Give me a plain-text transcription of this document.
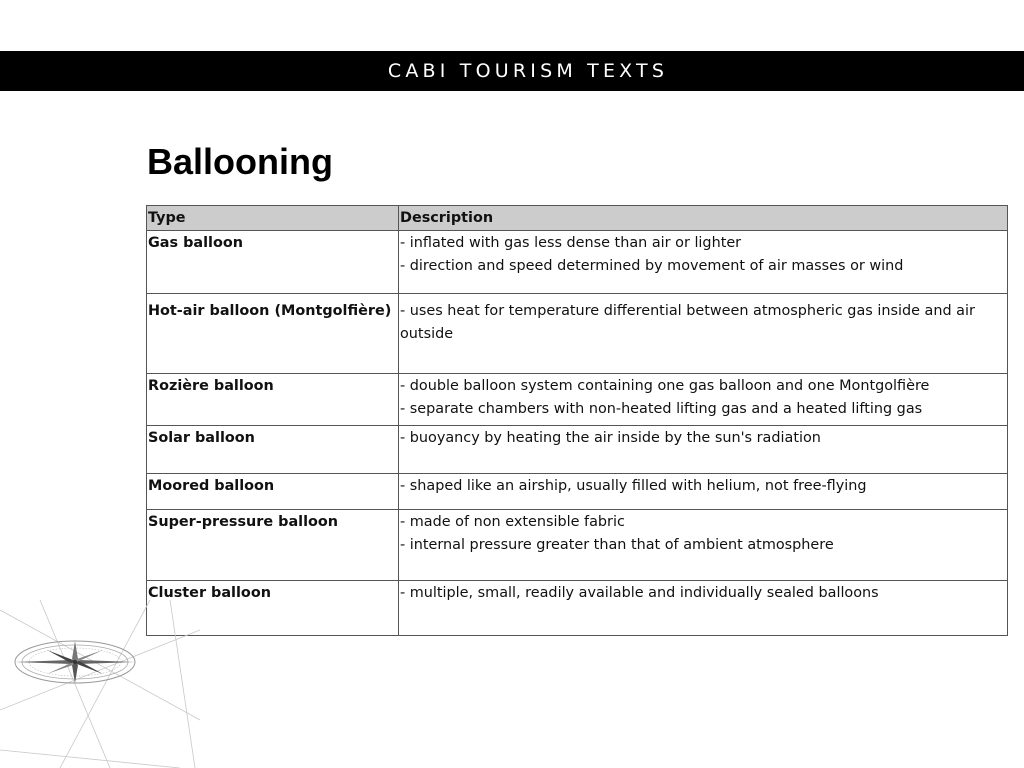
CABI TOURISM TEXTS
Ballooning
Type	Description
Gas balloon	- inflated with gas less dense than air or lighter
- direction and speed determined by movement of air masses or wind

Hot-air balloon (Montgolfière)	- uses heat for temperature differential between atmospheric gas inside and air outside

Rozière balloon	- double balloon system containing one gas balloon and one Montgolfière
- separate chambers with non-heated lifting gas and a heated lifting gas

Solar balloon	- buoyancy by heating the air inside by the sun's radiation

Moored balloon	- shaped like an airship, usually filled with helium, not free-flying

Super-pressure balloon	- made of non extensible fabric
- internal pressure greater than that of ambient atmosphere

Cluster balloon	- multiple, small, readily available and individually sealed balloons
